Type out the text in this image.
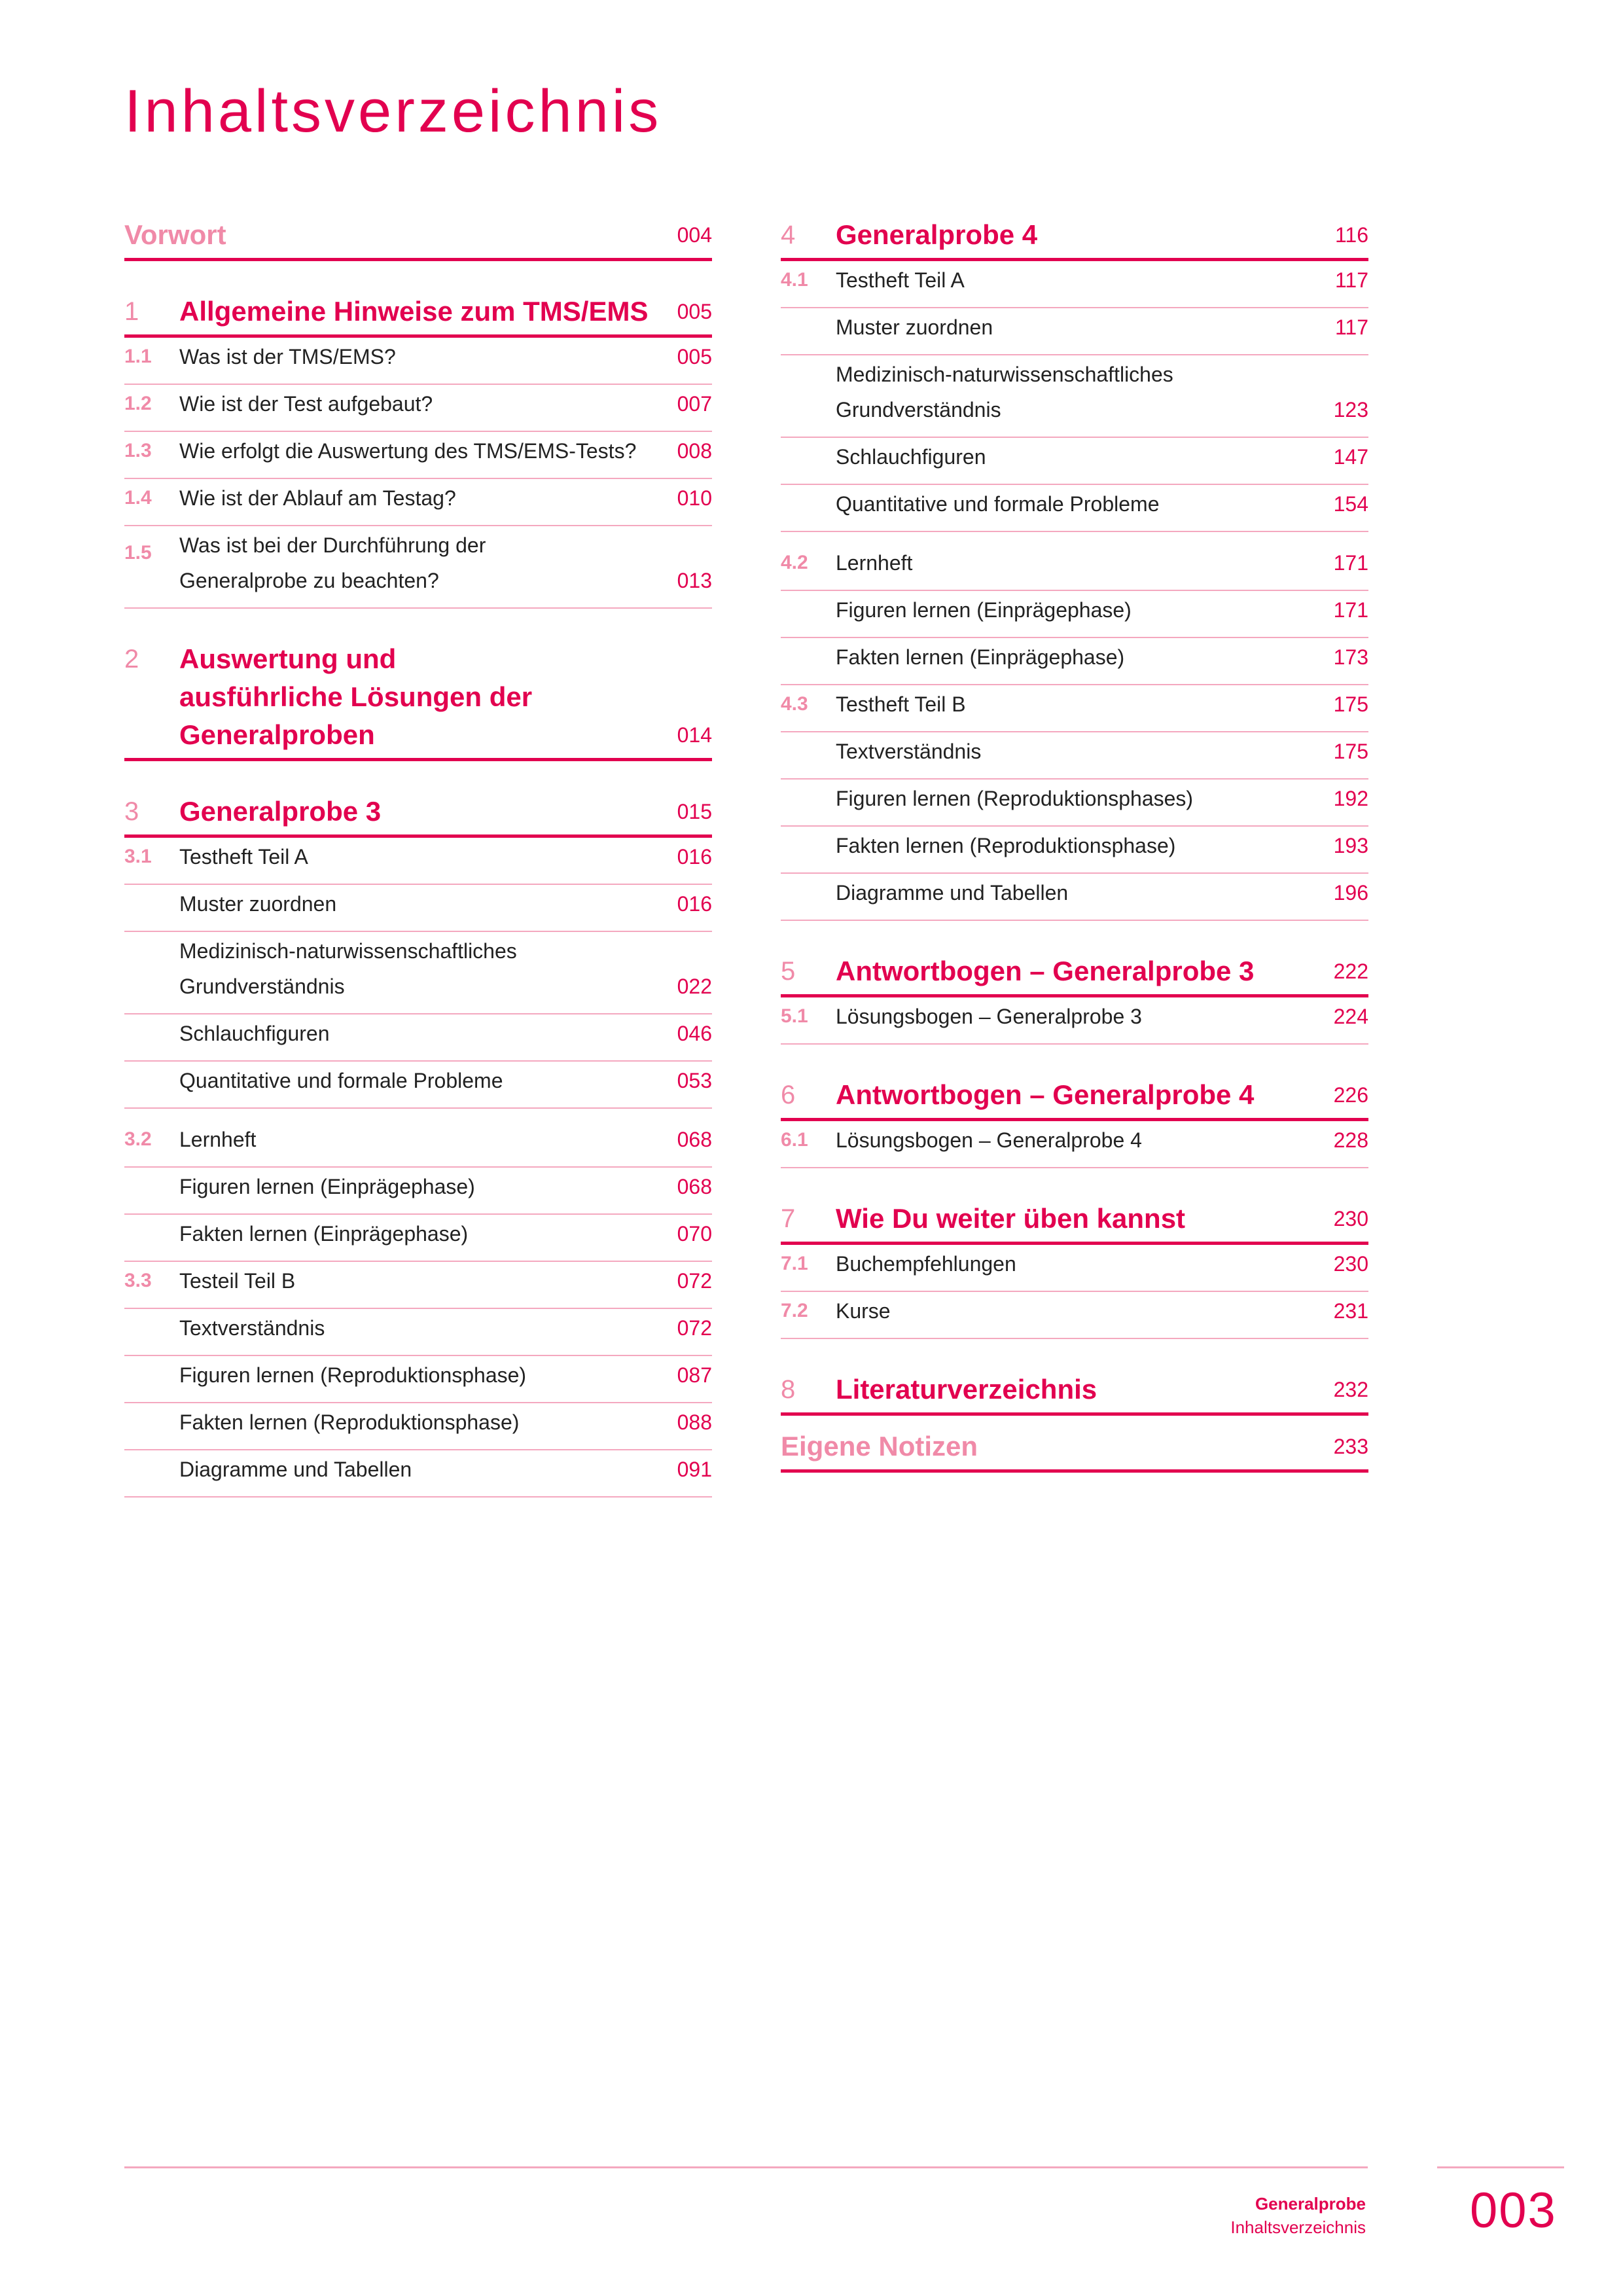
Inhaltsverzeichnis
Vorwort	004
1	Allgemeine Hinweise zum TMS/EMS	005
1.1	Was ist der TMS/EMS?	005
1.2	Wie ist der Test aufgebaut?	007
1.3	Wie erfolgt die Auswertung des TMS/EMS-Tests?	008
1.4	Wie ist der Ablauf am Testag?	010
1.5	Was ist bei der Durchführung der Generalprobe zu beachten?	013
2	Auswertung und ausführliche Lösungen der Generalproben	014
3	Generalprobe 3	015
3.1	Testheft Teil A	016
Muster zuordnen	016
Medizinisch-naturwissenschaftliches Grundverständnis	022
Schlauchfiguren	046
Quantitative und formale Probleme	053
3.2	Lernheft	068
Figuren lernen (Einprägephase)	068
Fakten lernen (Einprägephase)	070
3.3	Testeil Teil B	072
Textverständnis	072
Figuren lernen (Reproduktionsphase)	087
Fakten lernen (Reproduktionsphase)	088
Diagramme und Tabellen	091
4	Generalprobe 4	116
4.1	Testheft Teil A	117
Muster zuordnen	117
Medizinisch-naturwissenschaftliches Grundverständnis	123
Schlauchfiguren	147
Quantitative und formale Probleme	154
4.2	Lernheft	171
Figuren lernen (Einprägephase)	171
Fakten lernen (Einprägephase)	173
4.3	Testheft Teil B	175
Textverständnis	175
Figuren lernen (Reproduktionsphases)	192
Fakten lernen (Reproduktionsphase)	193
Diagramme und Tabellen	196
5	Antwortbogen – Generalprobe 3	222
5.1	Lösungsbogen – Generalprobe 3	224
6	Antwortbogen – Generalprobe 4	226
6.1	Lösungsbogen – Generalprobe 4	228
7	Wie Du weiter üben kannst	230
7.1	Buchempfehlungen	230
7.2	Kurse	231
8	Literaturverzeichnis	232
Eigene Notizen	233
Generalprobe
Inhaltsverzeichnis 003
